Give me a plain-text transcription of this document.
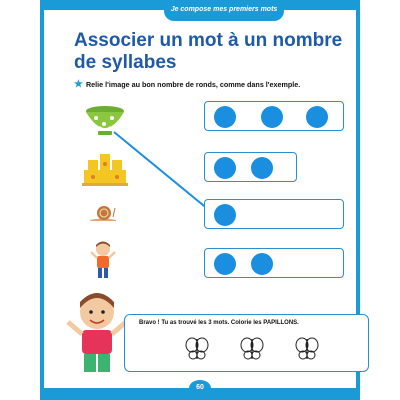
Je compose mes premiers mots
Associer un mot à un nombre de syllabes
★ Relie l'image au bon nombre de ronds, comme dans l'exemple.
Bravo ! Tu as trouvé les 3 mots. Colorie les PAPILLONS.
60
